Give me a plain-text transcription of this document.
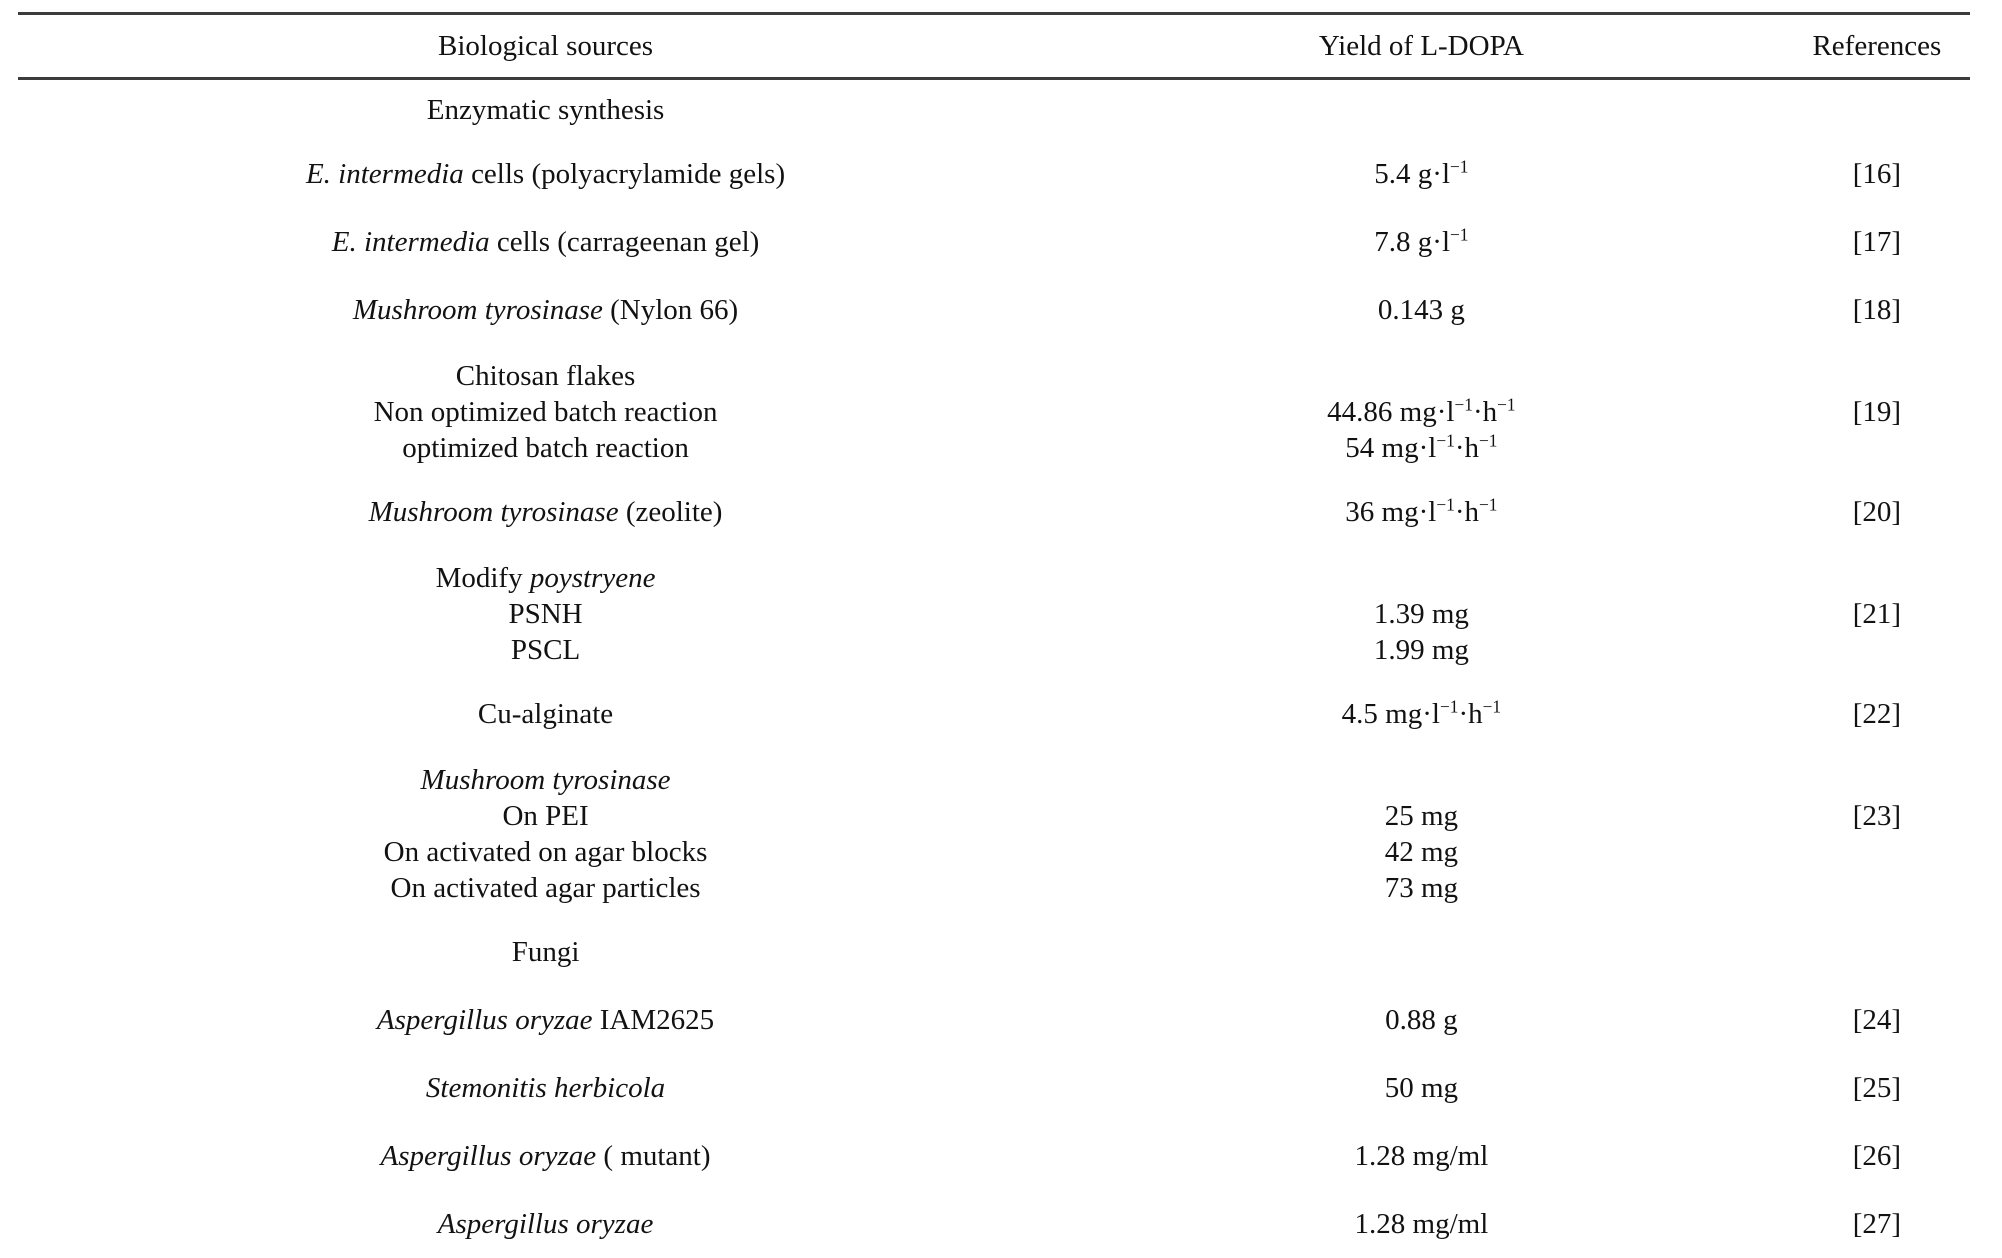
Biological sources	Yield of L-DOPA	References
Enzymatic synthesis
E. intermedia cells (polyacrylamide gels)	5.4 $g\cdot l^{-1}$	[16]
E. intermedia cells (carrageenan gel)	7.8 $g\cdot l^{-1}$	[17]
Mushroom tyrosinase (Nylon 66)	0.143 g	[18]
Chitosan flakes
Non optimized batch reaction	44.86 $mg\cdot l^{-1}\cdot h^{-1}$	[19]
optimized batch reaction	54 $mg\cdot l^{-1}\cdot h^{-1}$
Mushroom tyrosinase (zeolite)	36 $mg\cdot l^{-1}\cdot h^{-1}$	[20]
Modify poystryene
PSNH	1.39 mg	[21]
PSCL	1.99 mg
Cu-alginate	4.5 $mg\cdot l^{-1}\cdot h^{-1}$	[22]
Mushroom tyrosinase
On PEI	25 mg	[23]
On activated on agar blocks	42 mg
On activated agar particles	73 mg
Fungi
Aspergillus oryzae IAM2625	0.88 g	[24]
Stemonitis herbicola	50 mg	[25]
Aspergillus oryzae ( mutant)	1.28 mg/ml	[26]
Aspergillus oryzae	1.28 mg/ml	[27]
